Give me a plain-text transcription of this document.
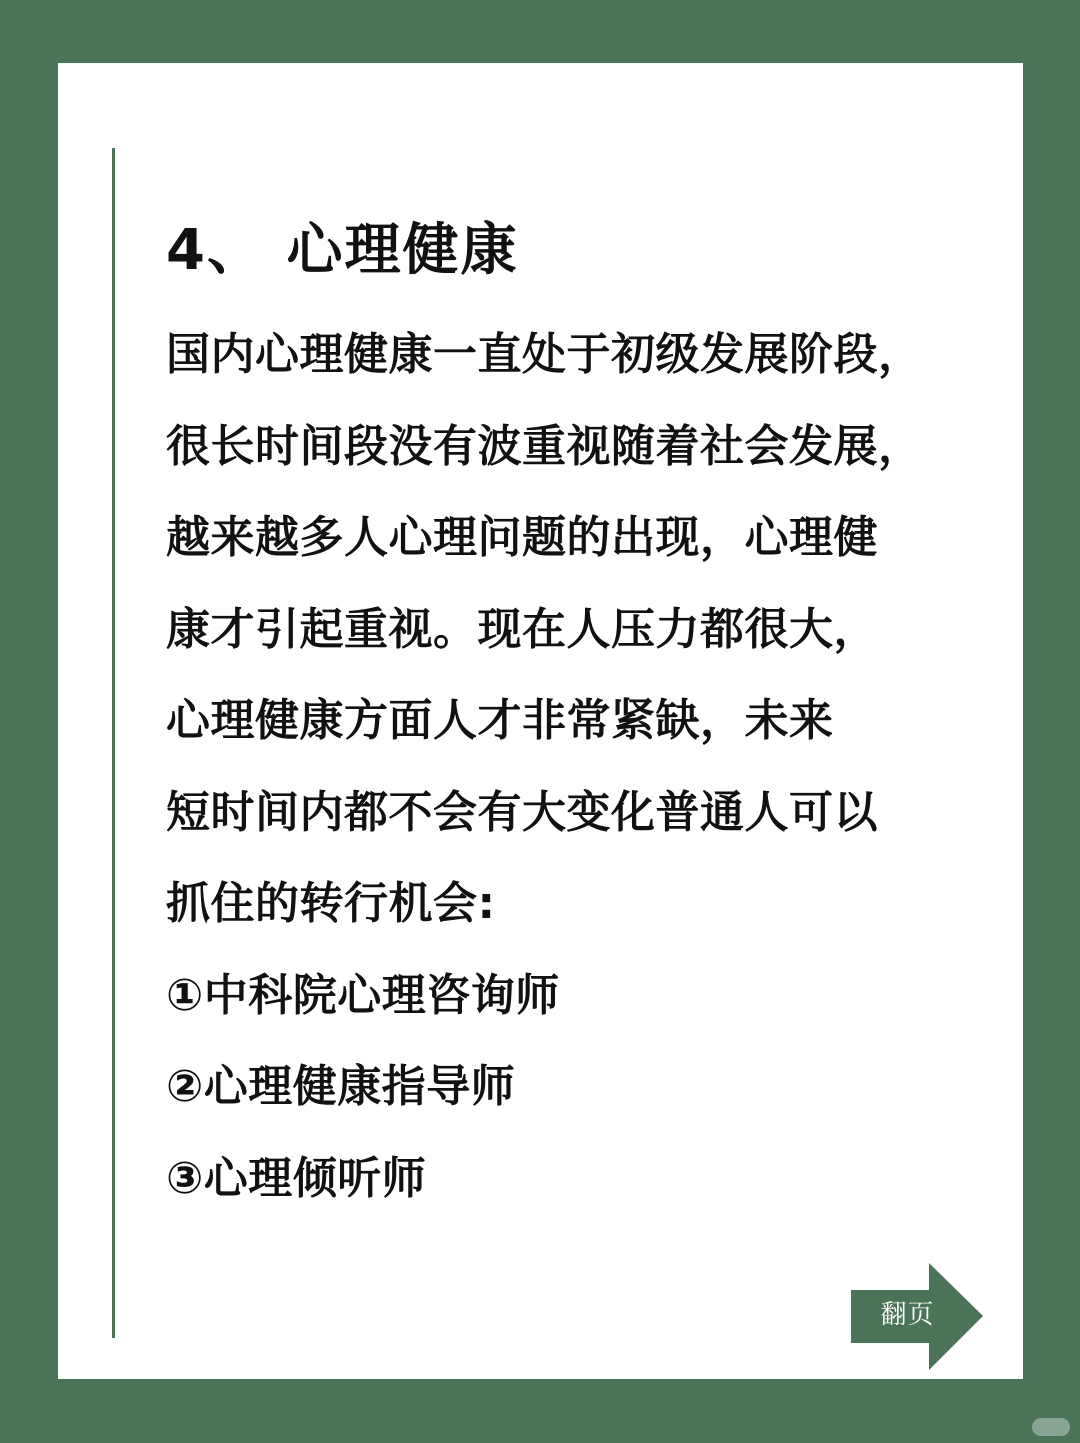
4、 心理健康
国内心理健康一直处于初级发展阶段，
很长时间段没有波重视随着社会发展，
越来越多人心理问题的出现，心理健
康才引起重视。现在人压力都很大，
心理健康方面人才非常紧缺，未来
短时间内都不会有大变化普通人可以
抓住的转行机会:
①中科院心理咨询师
②心理健康指导师
③心理倾听师
翻页
